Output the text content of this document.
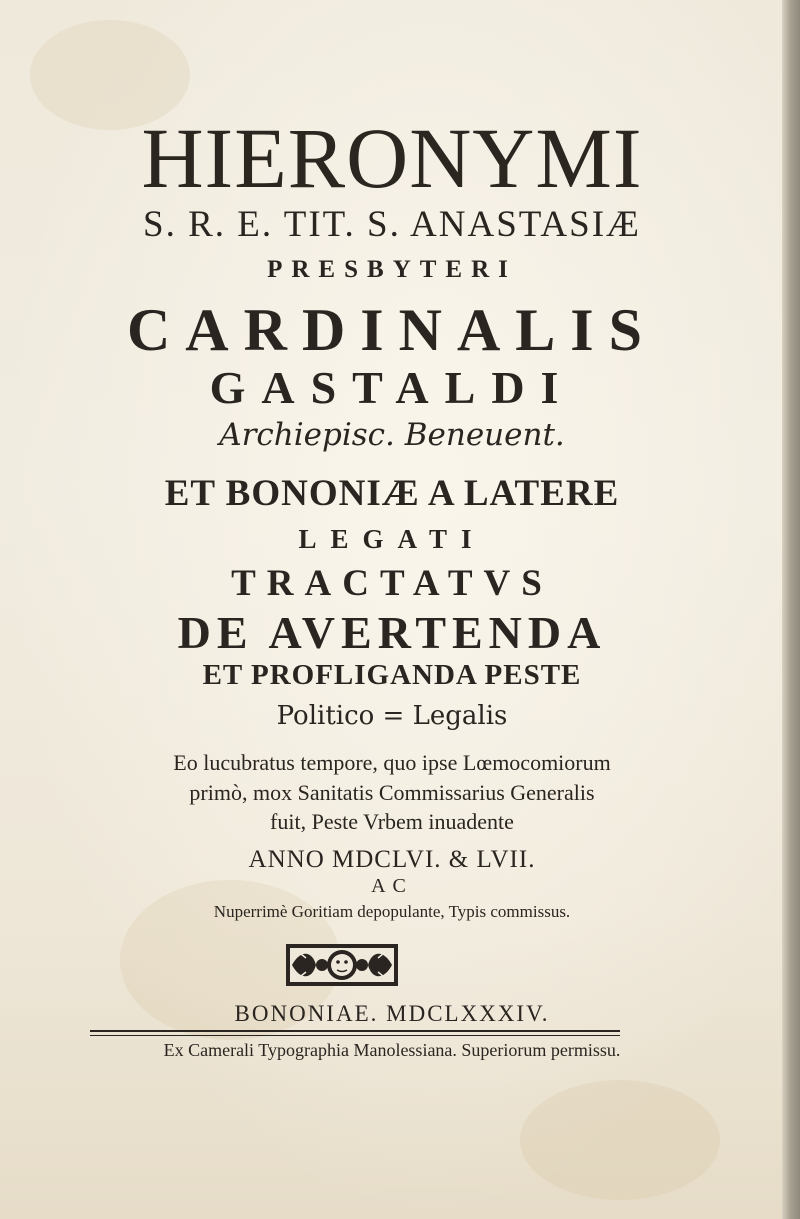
HIERONYMI
S. R. E. TIT. S. ANASTASIÆ
PRESBYTERI
CARDINALIS
GASTALDI
Archiepisc. Beneuent.
ET BONONIÆ A LATERE
LEGATI
TRACTATVS
DE AVERTENDA
ET PROFLIGANDA PESTE
Politico = Legalis
Eo lucubratus tempore, quo ipse Lœmocomiorum
primò, mox Sanitatis Commissarius Generalis
fuit, Peste Vrbem inuadente
ANNO MDCLVI. & LVII.
AC
Nuperrimè Goritiam depopulante, Typis commissus.
BONONIAE. MDCLXXXIV.
Ex Camerali Typographia Manolessiana. Superiorum permissu.
